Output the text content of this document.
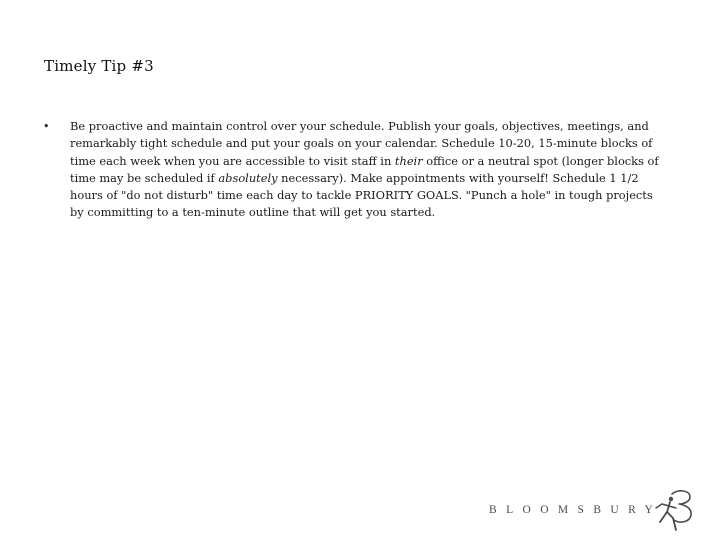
Timely Tip #3
• Be proactive and maintain control over your schedule. Publish your goals, objectives, meetings, and remarkably tight schedule and put your goals on your calendar. Schedule 10-20, 15-minute blocks of time each week when you are accessible to visit staff in their office or a neutral spot (longer blocks of time may be scheduled if absolutely necessary). Make appointments with yourself! Schedule 1 1/2 hours of "do not disturb" time each day to tackle PRIORITY GOALS. "Punch a hole" in tough projects by committing to a ten-minute outline that will get you started.
BLOOMSBURY
